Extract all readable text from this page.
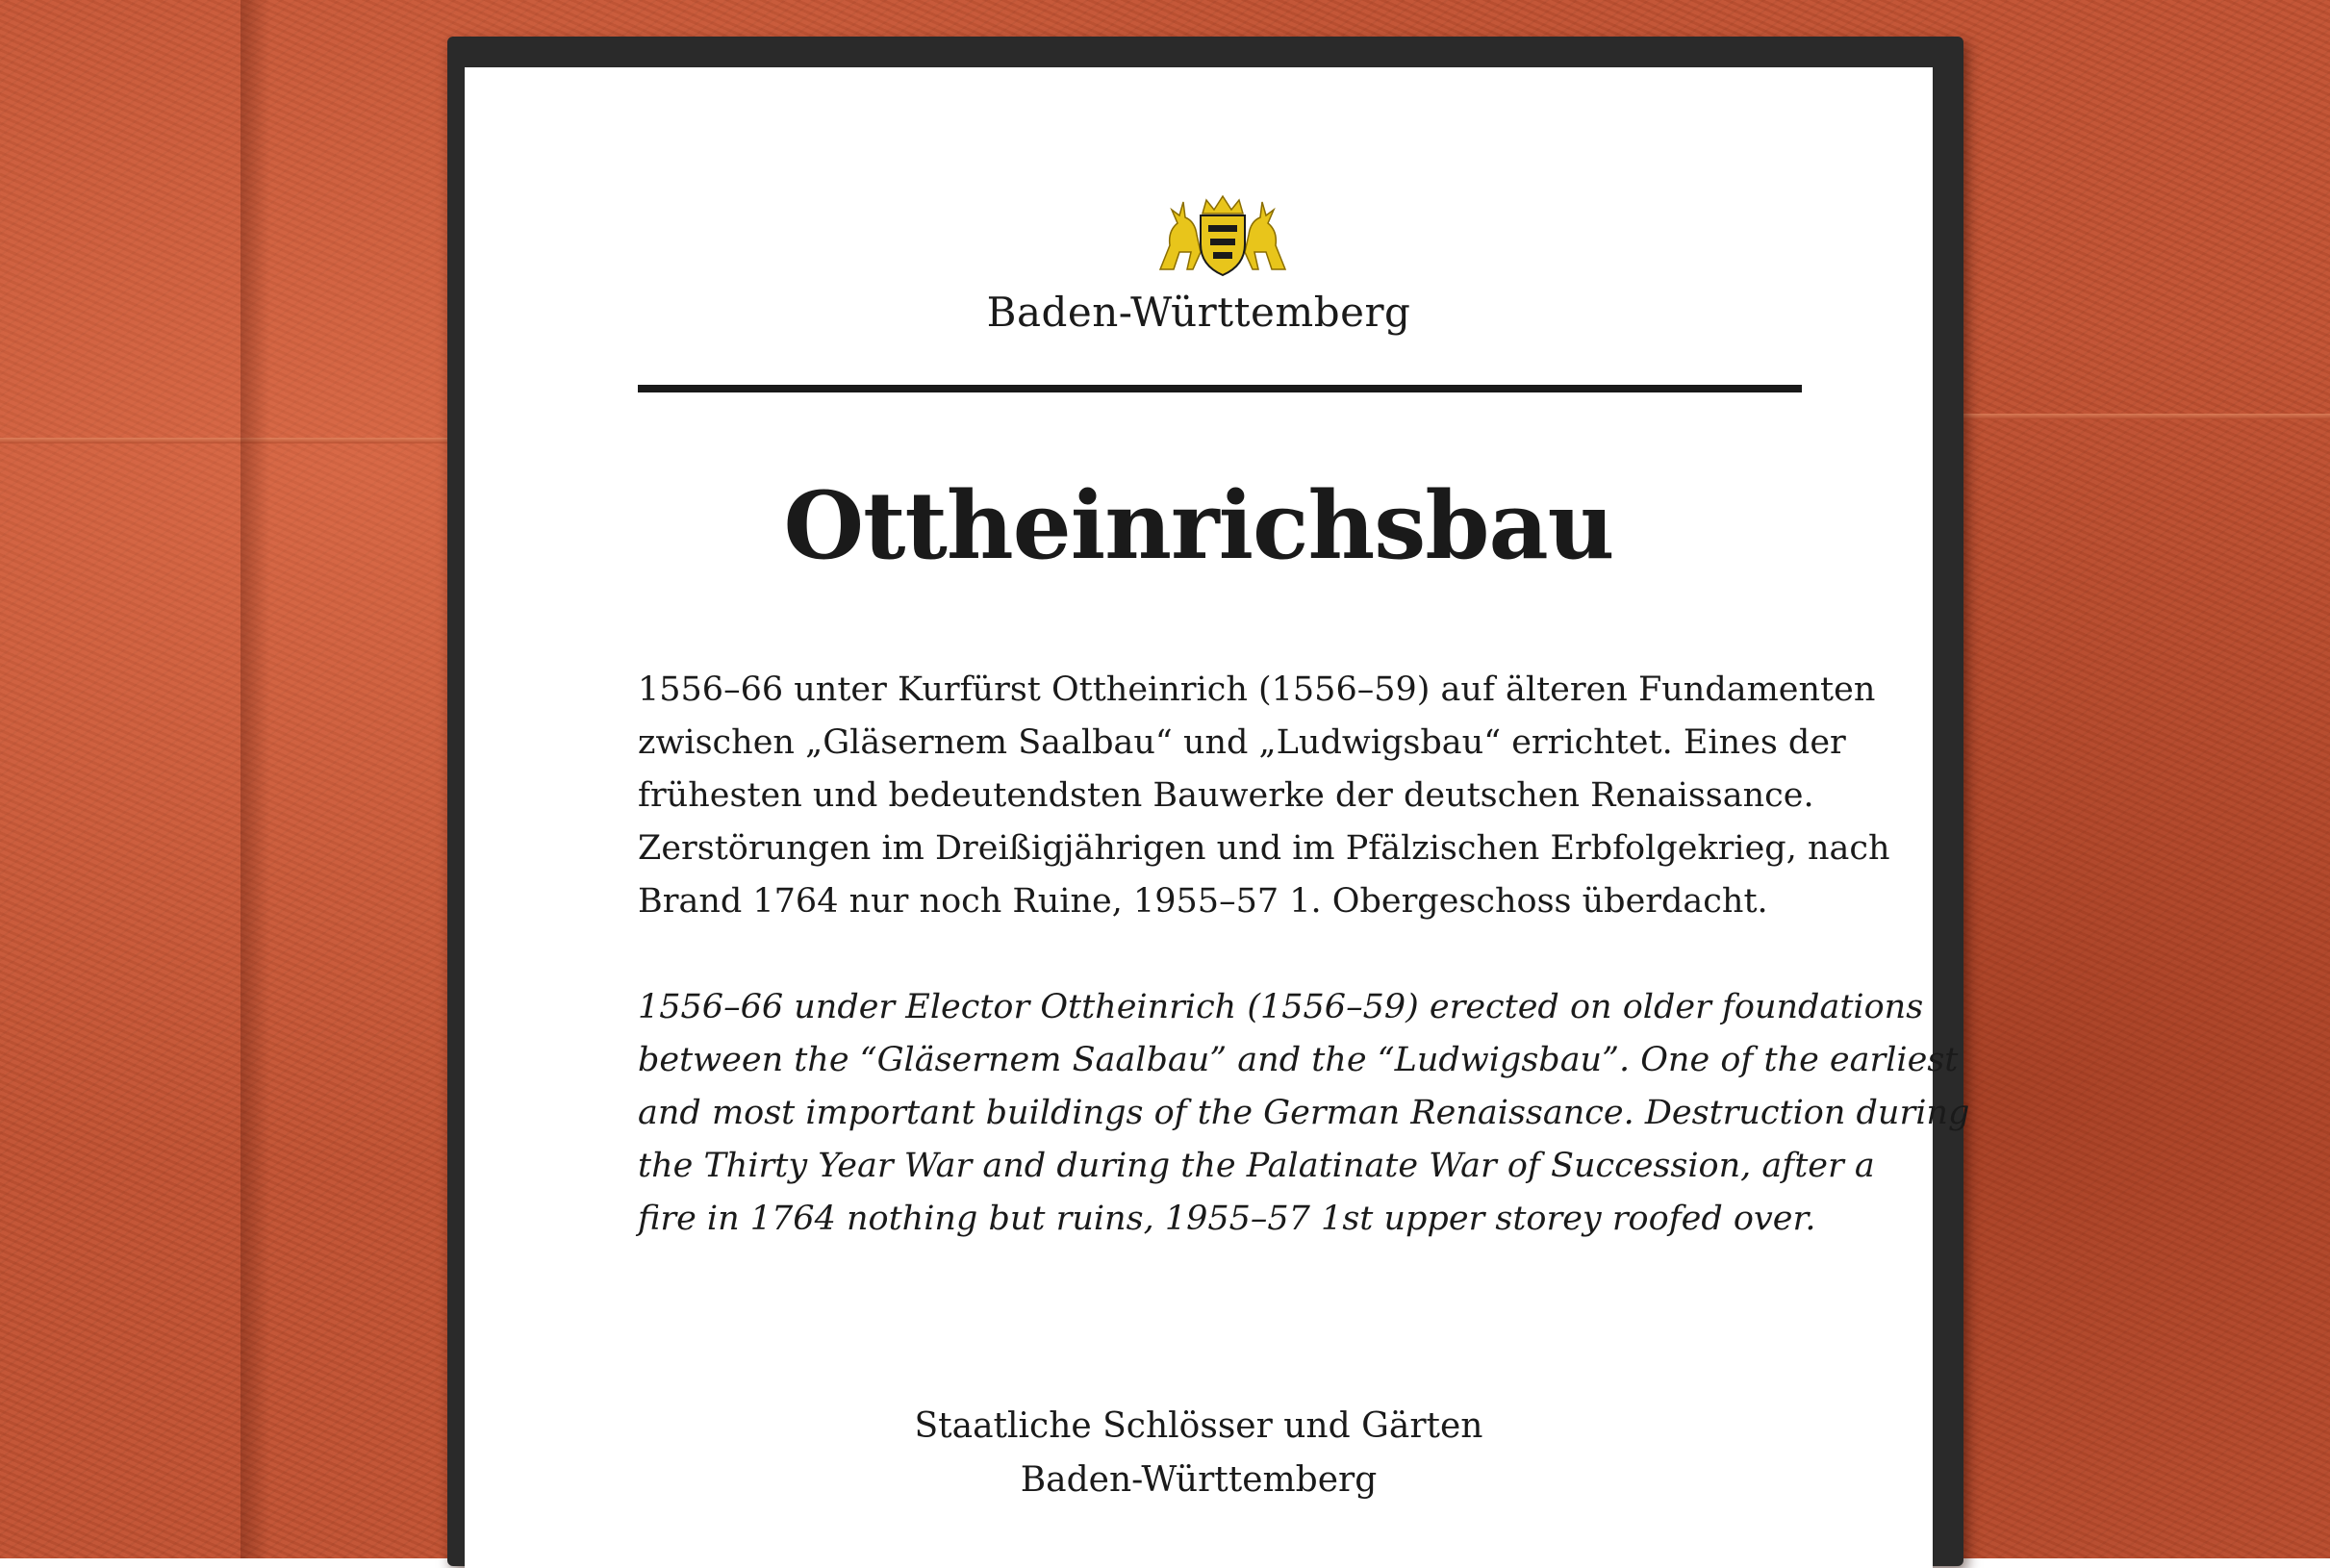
Baden-Württemberg
Ottheinrichsbau
1556–66 unter Kurfürst Ottheinrich (1556–59) auf älteren Fundamenten
zwischen „Gläsernem Saalbau“ und „Ludwigsbau“ errichtet. Eines der
frühesten und bedeutendsten Bauwerke der deutschen Renaissance.
Zerstörungen im Dreißigjährigen und im Pfälzischen Erbfolgekrieg, nach
Brand 1764 nur noch Ruine, 1955–57 1. Obergeschoss überdacht.
1556–66 under Elector Ottheinrich (1556–59) erected on older foundations
between the “Gläsernem Saalbau” and the “Ludwigsbau”. One of the earliest
and most important buildings of the German Renaissance. Destruction during
the Thirty Year War and during the Palatinate War of Succession, after a
fire in 1764 nothing but ruins, 1955–57 1st upper storey roofed over.
Staatliche Schlösser und Gärten
Baden-Württemberg
